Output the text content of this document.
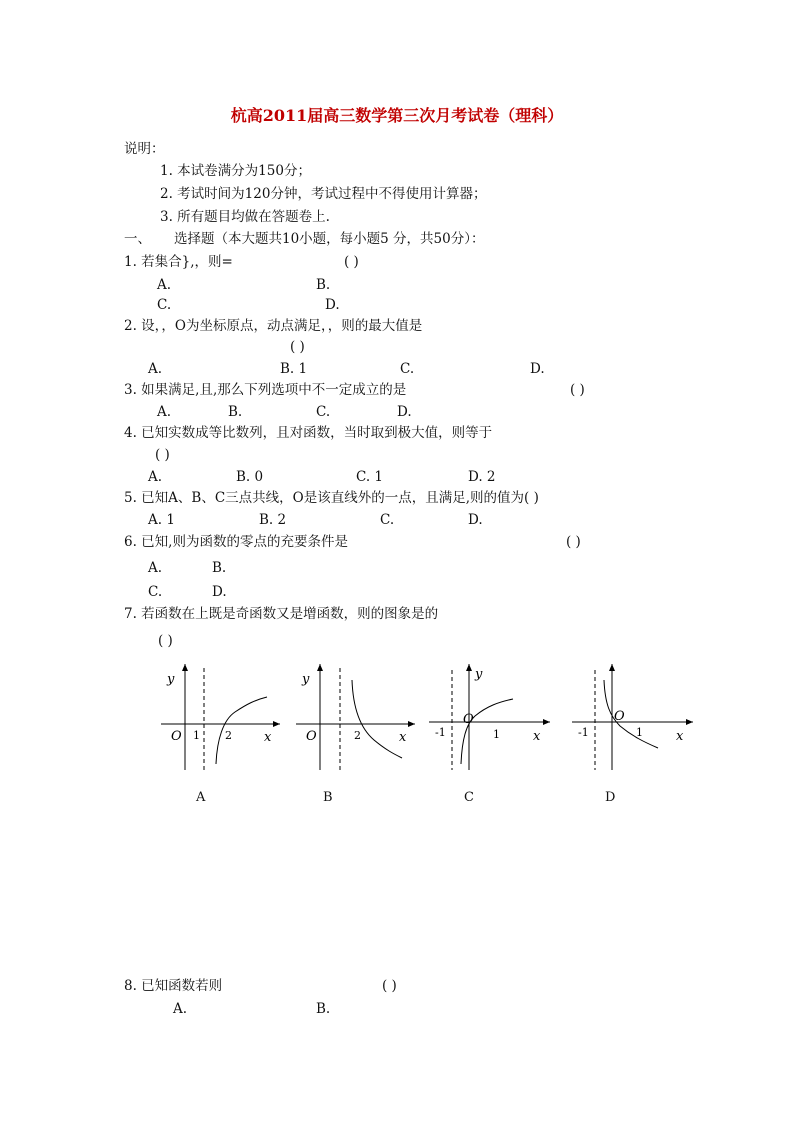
杭高2011届高三数学第三次月考试卷（理科）
说明：
1. 本试卷满分为150分；
2. 考试时间为120分钟，考试过程中不得使用计算器；
3. 所有题目均做在答题卷上.
一、 选择题（本大题共10小题，每小题5 分，共50分）：
1. 若集合},，则=	( )
A.	B.
C.	D.
2. 设，，O为坐标原点，动点满足，，则的最大值是
( )
A.	B. 1	C.	D.
3. 如果满足,且,那么下列选项中不一定成立的是	( )
A.	B.	C.	D.
4. 已知实数成等比数列，且对函数，当时取到极大值，则等于
( )
A.	B. 0	C. 1	D. 2
5. 已知A、B、C三点共线，O是该直线外的一点，且满足,则的值为( )
A. 1	B. 2	C.	D.
6. 已知,则为函数的零点的充要条件是	( )
A.	B.
C.	D.
7. 若函数在上既是奇函数又是增函数，则的图象是的
( )
y
O 1 2 x
A
y
O	2	x
B
y
O
-1	1	x
C
O
-1	1	x
D
8. 已知函数若则	( )
A.	B.
